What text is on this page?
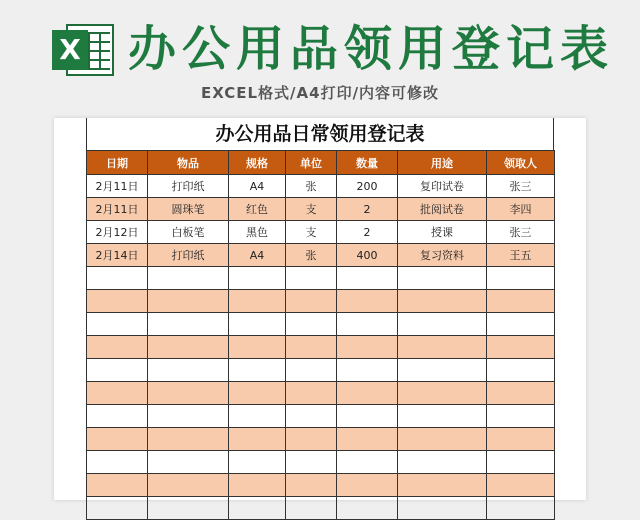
X 办公用品领用登记表
EXCEL格式/A4打印/内容可修改
办公用品日常领用登记表
日期	物品	规格	单位	数量	用途	领取人
2月11日	打印纸	A4	张	200	复印试卷	张三
2月11日	圆珠笔	红色	支	2	批阅试卷	李四
2月12日	白板笔	黑色	支	2	授课	张三
2月14日	打印纸	A4	张	400	复习资料	王五
